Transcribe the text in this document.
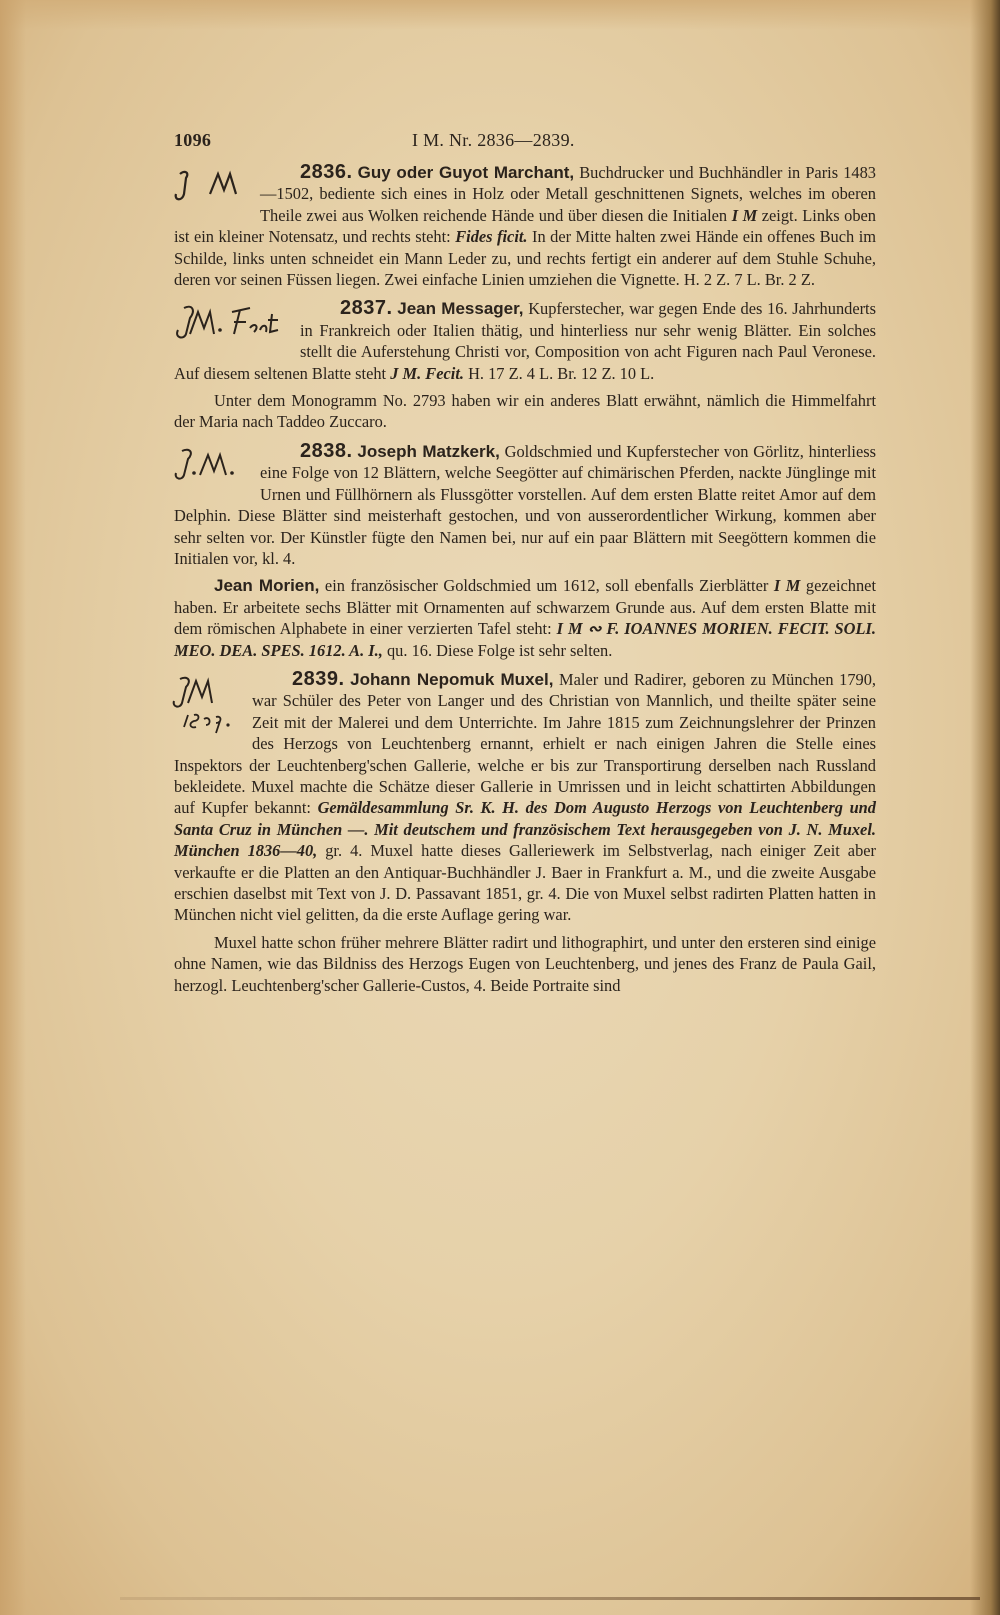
1096	I M. Nr. 2836—2839.

2836. Guy oder Guyot Marchant,
Buchdrucker und Buchhändler in Paris 1483—1502, bediente sich eines in Holz oder Metall geschnittenen Signets, welches im oberen Theile zwei aus Wolken reichende Hände und über diesen die Initialen I M zeigt. Links oben ist ein kleiner Notensatz, und rechts steht: Fides ficit. In der Mitte halten zwei Hände ein offenes Buch im Schilde, links unten schneidet ein Mann Leder zu, und rechts fertigt ein anderer auf dem Stuhle Schuhe, deren vor seinen Füssen liegen. Zwei einfache Linien umziehen die Vignette. H. 2 Z. 7 L. Br. 2 Z.

2837. Jean Messager,
Kupferstecher, war gegen Ende des 16. Jahrhunderts in Frankreich oder Italien thätig, und hinterliess nur sehr wenig Blätter. Ein solches stellt die Auferstehung Christi vor, Composition von acht Figuren nach Paul Veronese. Auf diesem seltenen Blatte steht J M. Fecit. H. 17 Z. 4 L. Br. 12 Z. 10 L.

Unter dem Monogramm No. 2793 haben wir ein anderes Blatt erwähnt, nämlich die Himmelfahrt der Maria nach Taddeo Zuccaro.

2838. Joseph Matzkerk,
Goldschmied und Kupferstecher von Görlitz, hinterliess eine Folge von 12 Blättern, welche Seegötter auf chimärischen Pferden, nackte Jünglinge mit Urnen und Füllhörnern als Flussgötter vorstellen. Auf dem ersten Blatte reitet Amor auf dem Delphin. Diese Blätter sind meisterhaft gestochen, und von ausserordentlicher Wirkung, kommen aber sehr selten vor. Der Künstler fügte den Namen bei, nur auf ein paar Blättern mit Seegöttern kommen die Initialen vor, kl. 4.

Jean Morien, ein französischer Goldschmied um 1612, soll ebenfalls Zierblätter I M gezeichnet haben. Er arbeitete sechs Blätter mit Ornamenten auf schwarzem Grunde aus. Auf dem ersten Blatte mit dem römischen Alphabete in einer verzierten Tafel steht: I M ∾ F. IOANNES MORIEN. FECIT. SOLI. MEO. DEA. SPES. 1612. A. I., qu. 16. Diese Folge ist sehr selten.

2839. Johann Nepomuk Muxel,
Maler und Radirer, geboren zu München 1790, war Schüler des Peter von Langer und des Christian von Mannlich, und theilte später seine Zeit mit der Malerei und dem Unterrichte. Im Jahre 1815 zum Zeichnungslehrer der Prinzen des Herzogs von Leuchtenberg ernannt, erhielt er nach einigen Jahren die Stelle eines Inspektors der Leuchtenberg'schen Gallerie, welche er bis zur Transportirung derselben nach Russland bekleidete. Muxel machte die Schätze dieser Gallerie in Umrissen und in leicht schattirten Abbildungen auf Kupfer bekannt: Gemäldesammlung Sr. K. H. des Dom Augusto Herzogs von Leuchtenberg und Santa Cruz in München —. Mit deutschem und französischem Text herausgegeben von J. N. Muxel. München 1836—40, gr. 4. Muxel hatte dieses Galleriewerk im Selbstverlag, nach einiger Zeit aber verkaufte er die Platten an den Antiquar-Buchhändler J. Baer in Frankfurt a. M., und die zweite Ausgabe erschien daselbst mit Text von J. D. Passavant 1851, gr. 4. Die von Muxel selbst radirten Platten hatten in München nicht viel gelitten, da die erste Auflage gering war.

Muxel hatte schon früher mehrere Blätter radirt und lithographirt, und unter den ersteren sind einige ohne Namen, wie das Bildniss des Herzogs Eugen von Leuchtenberg, und jenes des Franz de Paula Gail, herzogl. Leuchtenberg'scher Gallerie-Custos, 4. Beide Portraite sind
